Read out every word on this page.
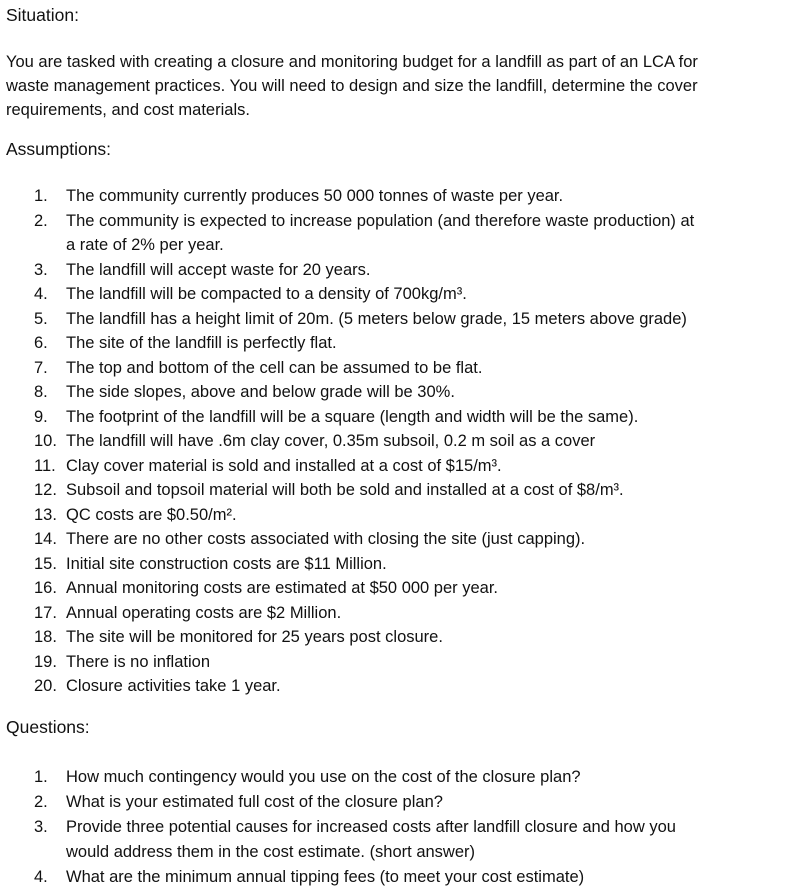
Situation:
You are tasked with creating a closure and monitoring budget for a landfill as part of an LCA for
waste management practices. You will need to design and size the landfill, determine the cover
requirements, and cost materials.
Assumptions:
1.	The community currently produces 50 000 tonnes of waste per year.
2.	The community is expected to increase population (and therefore waste production) at
a rate of 2% per year.
3.	The landfill will accept waste for 20 years.
4.	The landfill will be compacted to a density of 700kg/m³.
5.	The landfill has a height limit of 20m. (5 meters below grade, 15 meters above grade)
6.	The site of the landfill is perfectly flat.
7.	The top and bottom of the cell can be assumed to be flat.
8.	The side slopes, above and below grade will be 30%.
9.	The footprint of the landfill will be a square (length and width will be the same).
10. The landfill will have .6m clay cover, 0.35m subsoil, 0.2 m soil as a cover
11. Clay cover material is sold and installed at a cost of $15/m³.
12. Subsoil and topsoil material will both be sold and installed at a cost of $8/m³.
13. QC costs are $0.50/m².
14. There are no other costs associated with closing the site (just capping).
15. Initial site construction costs are $11 Million.
16. Annual monitoring costs are estimated at $50 000 per year.
17. Annual operating costs are $2 Million.
18. The site will be monitored for 25 years post closure.
19. There is no inflation
20. Closure activities take 1 year.
Questions:
1.	How much contingency would you use on the cost of the closure plan?
2.	What is your estimated full cost of the closure plan?
3.	Provide three potential causes for increased costs after landfill closure and how you
would address them in the cost estimate. (short answer)
4.	What are the minimum annual tipping fees (to meet your cost estimate)
